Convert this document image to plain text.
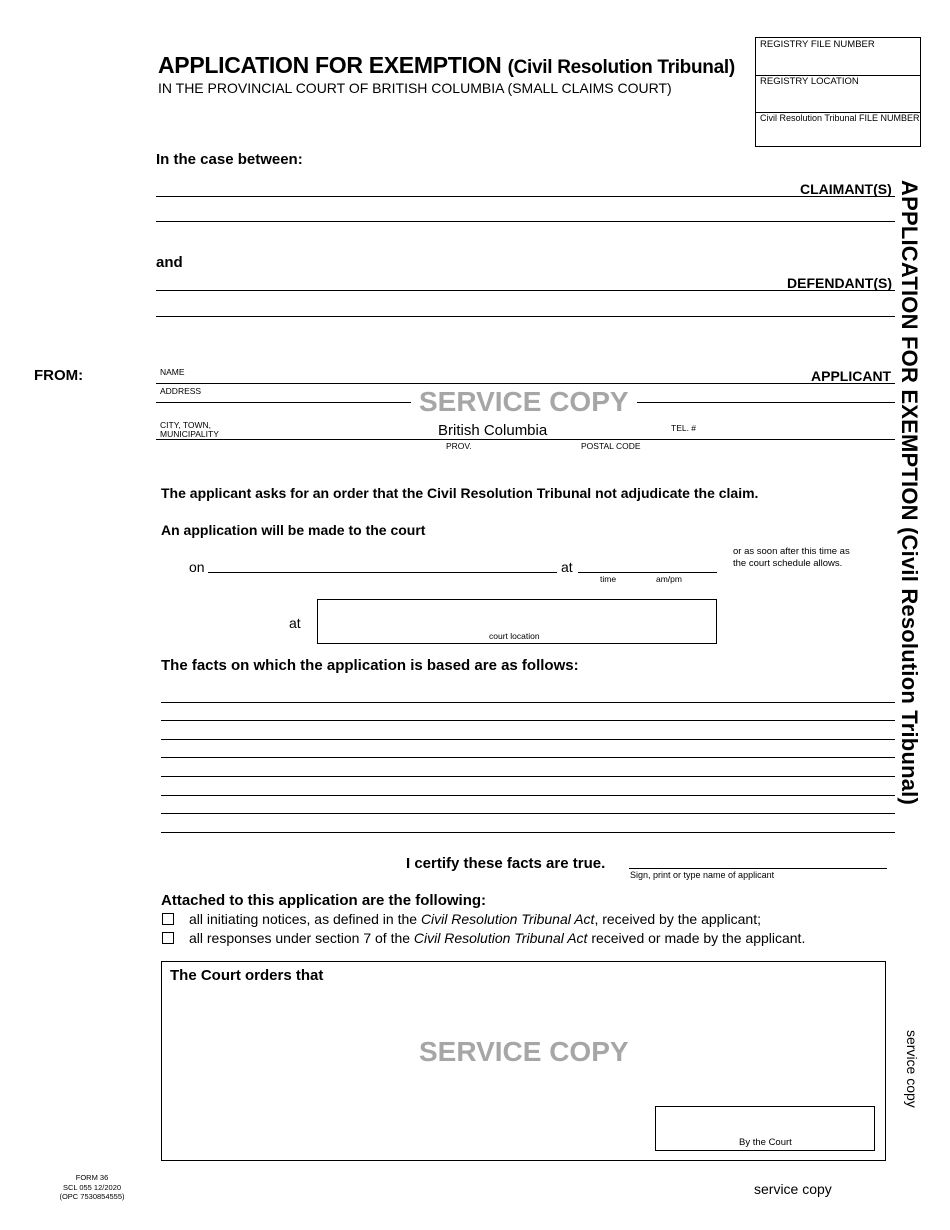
APPLICATION FOR EXEMPTION (Civil Resolution Tribunal)
IN THE PROVINCIAL COURT OF BRITISH COLUMBIA (SMALL CLAIMS COURT)
REGISTRY FILE NUMBER
REGISTRY LOCATION
Civil Resolution Tribunal FILE NUMBER
In the case between:
CLAIMANT(S)
and
DEFENDANT(S)
FROM:	NAME	APPLICANT
ADDRESS	SERVICE COPY
CITY, TOWN,
MUNICIPALITY	British Columbia	TEL. #
PROV.	POSTAL CODE
The applicant asks for an order that the Civil Resolution Tribunal not adjudicate the claim.
An application will be made to the court
on	at
time	am/pm
or as soon after this time as
the court schedule allows.
at
court location
The facts on which the application is based are as follows:
I certify these facts are true.
Sign, print or type name of applicant
Attached to this application are the following:
all initiating notices, as defined in the Civil Resolution Tribunal Act, received by the applicant;
all responses under section 7 of the Civil Resolution Tribunal Act received or made by the applicant.
The Court orders that
SERVICE COPY
By the Court
FORM 36
SCL 055 12/2020
(OPC 7530854555)	service copy
APPLICATION FOR EXEMPTION (Civil Resolution Tribunal)
service copy
